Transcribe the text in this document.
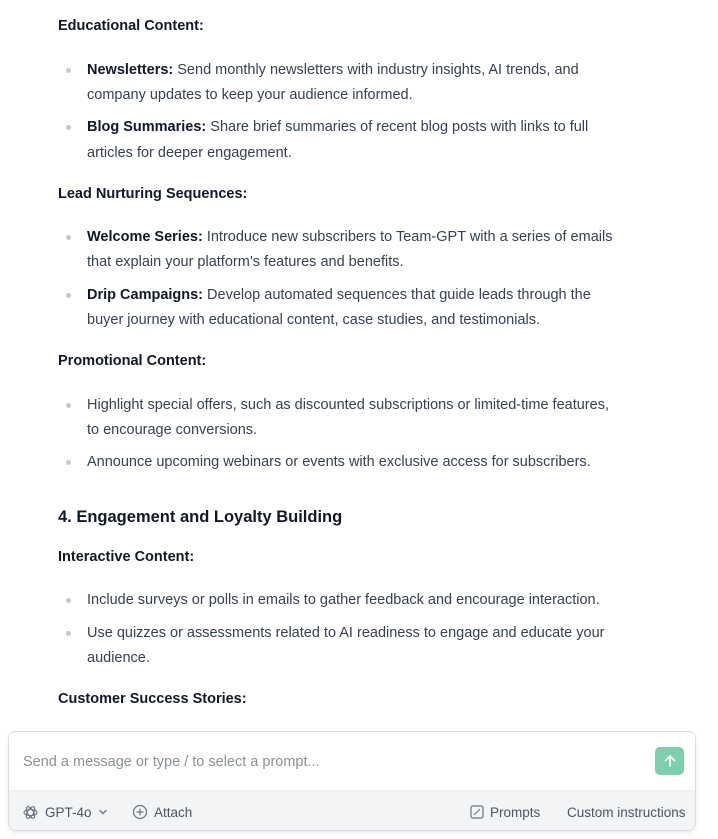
Educational Content:
Newsletters: Send monthly newsletters with industry insights, AI trends, and
company updates to keep your audience informed.
Blog Summaries: Share brief summaries of recent blog posts with links to full
articles for deeper engagement.
Lead Nurturing Sequences:
Welcome Series: Introduce new subscribers to Team-GPT with a series of emails
that explain your platform’s features and benefits.
Drip Campaigns: Develop automated sequences that guide leads through the
buyer journey with educational content, case studies, and testimonials.
Promotional Content:
Highlight special offers, such as discounted subscriptions or limited-time features,
to encourage conversions.
Announce upcoming webinars or events with exclusive access for subscribers.
4. Engagement and Loyalty Building
Interactive Content:
Include surveys or polls in emails to gather feedback and encourage interaction.
Use quizzes or assessments related to AI readiness to engage and educate your
audience.
Customer Success Stories:
Send a message or type / to select a prompt...
GPT-4o	Attach	Prompts Custom instructions
